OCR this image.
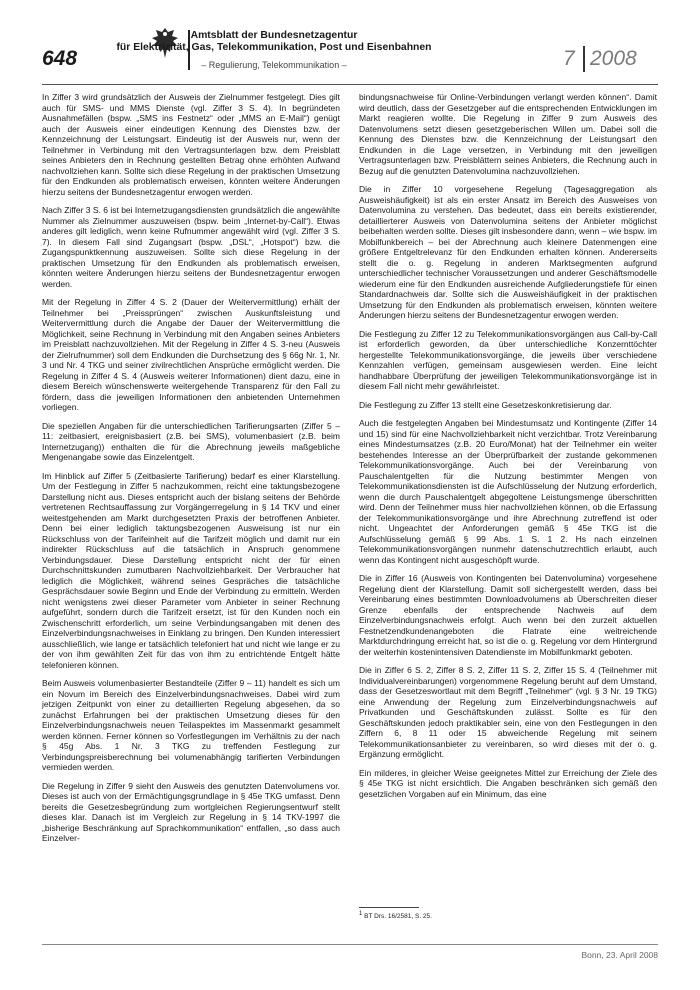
648
Amtsblatt der Bundesnetzagentur
für Elektrizität, Gas, Telekommunikation, Post und Eisenbahnen
– Regulierung, Telekommunikation –	7 2008

In Ziffer 3 wird grundsätzlich der Ausweis der Zielnummer festgelegt. Dies gilt auch für SMS- und MMS Dienste (vgl. Ziffer 3 S. 4). In begründeten Ausnahmefällen (bspw. „SMS ins Festnetz“ oder „MMS an E-Mail“) genügt auch der Ausweis einer eindeutigen Kennung des Dienstes bzw. der Kennzeichnung der Leistungsart. Eindeutig ist der Ausweis nur, wenn der Teilnehmer in Verbindung mit den Vertragsunterlagen bzw. dem Preisblatt seines Anbieters den in Rechnung gestellten Betrag ohne erhöhten Aufwand nachvollziehen kann. Sollte sich diese Regelung in der praktischen Umsetzung für den Endkunden als problematisch erweisen, könnten weitere Änderungen hierzu seitens der Bundesnetzagentur erwogen werden.

Nach Ziffer 3 S. 6 ist bei Internetzugangsdiensten grundsätzlich die angewählte Nummer als Zielnummer auszuweisen (bspw. beim „Internet-by-Call“). Etwas anderes gilt lediglich, wenn keine Rufnummer angewählt wird (vgl. Ziffer 3 S. 7). In diesem Fall sind Zugangsart (bspw. „DSL“, „Hotspot“) bzw. die Zugangspunktkennung auszuweisen. Sollte sich diese Regelung in der praktischen Umsetzung für den Endkunden als problematisch erweisen, könnten weitere Änderungen hierzu seitens der Bundesnetzagentur erwogen werden.

Mit der Regelung in Ziffer 4 S. 2 (Dauer der Weitervermittlung) erhält der Teilnehmer bei „Preissprüngen“ zwischen Auskunftsleistung und Weitervermittlung durch die Angabe der Dauer der Weitervermittlung die Möglichkeit, seine Rechnung in Verbindung mit den Angaben seines Anbieters im Preisblatt nachzuvollziehen. Mit der Regelung in Ziffer 4 S. 3-neu (Ausweis der Zielrufnummer) soll dem Endkunden die Durchsetzung des § 66g Nr. 1, Nr. 3 und Nr. 4 TKG und seiner zivilrechtlichen Ansprüche ermöglicht werden. Die Regelung in Ziffer 4 S. 4 (Ausweis weiterer Informationen) dient dazu, eine in diesem Bereich wünschenswerte weitergehende Transparenz für den Fall zu fördern, dass die jeweiligen Informationen den anbietenden Unternehmen vorliegen.

Die speziellen Angaben für die unterschiedlichen Tarifierungsarten (Ziffer 5 – 11: zeitbasiert, ereignisbasiert (z.B. bei SMS), volumenbasiert (z.B. beim Internetzugang)) enthalten die für die Abrechnung jeweils maßgebliche Mengenangabe sowie das Einzelentgelt.

Im Hinblick auf Ziffer 5 (Zeitbasierte Tarifierung) bedarf es einer Klarstellung. Um der Festlegung in Ziffer 5 nachzukommen, reicht eine taktungsbezogene Darstellung nicht aus. Dieses entspricht auch der bislang seitens der Behörde vertretenen Rechtsauffassung zur Vorgängerregelung in § 14 TKV und einer weitestgehenden am Markt durchgesetzten Praxis der betroffenen Anbieter. Denn bei einer lediglich taktungsbezogenen Ausweisung ist nur ein Rückschluss von der Tarifeinheit auf die Tarifzeit möglich und damit nur ein indirekter Rückschluss auf die tatsächlich in Anspruch genommene Verbindungsdauer. Diese Darstellung entspricht nicht der für einen Durchschnittskunden zumutbaren Nachvollziehbarkeit. Der Verbraucher hat lediglich die Möglichkeit, während seines Gespräches die tatsächliche Gesprächsdauer sowie Beginn und Ende der Verbindung zu ermitteln. Werden nicht wenigstens zwei dieser Parameter vom Anbieter in seiner Rechnung aufgeführt, sondern durch die Tarifzeit ersetzt, ist für den Kunden noch ein Zwischenschritt erforderlich, um seine Verbindungsangaben mit denen des Einzelverbindungsnachweises in Einklang zu bringen. Den Kunden interessiert ausschließlich, wie lange er tatsächlich telefoniert hat und nicht wie lange er zu der von ihm gewählten Zeit für das von ihm zu entrichtende Entgelt hätte telefonieren können.

Beim Ausweis volumenbasierter Bestandteile (Ziffer 9 – 11) handelt es sich um ein Novum im Bereich des Einzelverbindungsnachweises. Dabei wird zum jetzigen Zeitpunkt von einer zu detaillierten Regelung abgesehen, da so zunächst Erfahrungen bei der praktischen Umsetzung dieses für den Einzelverbindungsnachweis neuen Teilaspektes im Massenmarkt gesammelt werden können. Ferner können so Vorfestlegungen im Verhältnis zu der nach § 45g Abs. 1 Nr. 3 TKG zu treffenden Festlegung zur Verbindungspreisberechnung bei volumenabhängig tarifierten Verbindungen vermieden werden.

Die Regelung in Ziffer 9 sieht den Ausweis des genutzten Datenvolumens vor. Dieses ist auch von der Ermächtigungsgrundlage in § 45e TKG umfasst. Denn bereits die Gesetzesbegründung zum wortgleichen Regierungsentwurf stellt dieses klar. Danach ist im Vergleich zur Regelung in § 14 TKV-1997 die „bisherige Beschränkung auf Sprachkommunikation“ entfallen, „so dass auch Einzelver-

bindungsnachweise für Online-Verbindungen verlangt werden können“. Damit wird deutlich, dass der Gesetzgeber auf die entsprechenden Entwicklungen im Markt reagieren wollte. Die Regelung in Ziffer 9 zum Ausweis des Datenvolumens setzt diesen gesetzgeberischen Willen um. Dabei soll die Kennung des Dienstes bzw. die Kennzeichnung der Leistungsart den Endkunden in die Lage versetzen, in Verbindung mit den jeweiligen Vertragsunterlagen bzw. Preisblättern seines Anbieters, die Rechnung auch in Bezug auf die genutzten Datenvolumina nachzuvollziehen.

Die in Ziffer 10 vorgesehene Regelung (Tagesaggregation als Ausweishäufigkeit) ist als ein erster Ansatz im Bereich des Ausweises von Datenvolumina zu verstehen. Das bedeutet, dass ein bereits existierender, detaillierterer Ausweis von Datenvolumina seitens der Anbieter möglichst beibehalten werden sollte. Dieses gilt insbesondere dann, wenn – wie bspw. im Mobilfunkbereich – bei der Abrechnung auch kleinere Datenmengen eine größere Entgeltrelevanz für den Endkunden erhalten können. Andererseits stellt die o. g. Regelung in anderen Marktsegmenten aufgrund unterschiedlicher technischer Voraussetzungen und anderer Geschäftsmodelle wiederum eine für den Endkunden ausreichende Aufgliederungstiefe für einen Standardnachweis dar. Sollte sich die Ausweishäufigkeit in der praktischen Umsetzung für den Endkunden als problematisch erweisen, könnten weitere Änderungen hierzu seitens der Bundesnetzagentur erwogen werden.

Die Festlegung zu Ziffer 12 zu Telekommunikationsvorgängen aus Call-by-Call ist erforderlich geworden, da über unterschiedliche Konzernttöchter hergestellte Telekommunikationsvorgänge, die jeweils über verschiedene Kennzahlen verfügen, gemeinsam ausgewiesen werden. Eine leicht handhabbare Überprüfung der jeweiligen Telekommunikationsvorgänge ist in diesem Fall nicht mehr gewährleistet.

Die Festlegung zu Ziffer 13 stellt eine Gesetzeskonkretisierung dar.

Auch die festgelegten Angaben bei Mindestumsatz und Kontingente (Ziffer 14 und 15) sind für eine Nachvollziehbarkeit nicht verzichtbar. Trotz Vereinbarung eines Mindestumsatzes (z.B. 20 Euro/Monat) hat der Teilnehmer ein weiter bestehendes Interesse an der Überprüfbarkeit der zustande gekommenen Telekommunikationsvorgänge. Auch bei der Vereinbarung von Pauschalentgelten für die Nutzung bestimmter Mengen von Telekommunikationsdiensten ist die Aufschlüsselung der Nutzung erforderlich, wenn die durch Pauschalentgelt abgegoltene Leistungsmenge überschritten wird. Denn der Teilnehmer muss hier nachvollziehen können, ob die Erfassung der Telekommunikationsvorgänge und ihre Abrechnung zutreffend ist oder nicht. Ungeachtet der Anforderungen gemäß § 45e TKG ist die Aufschlüsselung gemäß § 99 Abs. 1 S. 1 2. Hs nach einzelnen Telekommunikationsvorgängen nunmehr datenschutzrechtlich erlaubt, auch wenn das Kontingent nicht ausgeschöpft wurde.

Die in Ziffer 16 (Ausweis von Kontingenten bei Datenvolumina) vorgesehene Regelung dient der Klarstellung. Damit soll sichergestellt werden, dass bei Vereinbarung eines bestimmten Downloadvolumens ab Überschreiten dieser Grenze ebenfalls der entsprechende Nachweis auf dem Einzelverbindungsnachweis erfolgt. Auch wenn bei den zurzeit aktuellen Festnetzendkundenangeboten die Flatrate eine weitreichende Marktdurchdringung erreicht hat, so ist die o. g. Regelung vor dem Hintergrund der weiterhin kostenintensiven Datendienste im Mobilfunkmarkt geboten.

Die in Ziffer 6 S. 2, Ziffer 8 S. 2, Ziffer 11 S. 2, Ziffer 15 S. 4 (Teilnehmer mit Individualvereinbarungen) vorgenommene Regelung beruht auf dem Umstand, dass der Gesetzeswortlaut mit dem Begriff „Teilnehmer“ (vgl. § 3 Nr. 19 TKG) eine Anwendung der Regelung zum Einzelverbindungsnachweis auf Privatkunden und Geschäftskunden zulässt. Sollte es für den Geschäftskunden jedoch praktikabler sein, eine von den Festlegungen in den Ziffern 6, 8 11 oder 15 abweichende Regelung mit seinem Telekommunikationsanbieter zu vereinbaren, so wird dieses mit der o. g. Ergänzung ermöglicht.

Ein milderes, in gleicher Weise geeignetes Mittel zur Erreichung der Ziele des § 45e TKG ist nicht ersichtlich. Die Angaben beschränken sich gemäß den gesetzlichen Vorgaben auf ein Minimum, das eine

$^1$ BT Drs. 16/2581, S. 25.
Bonn, 23. April 2008
